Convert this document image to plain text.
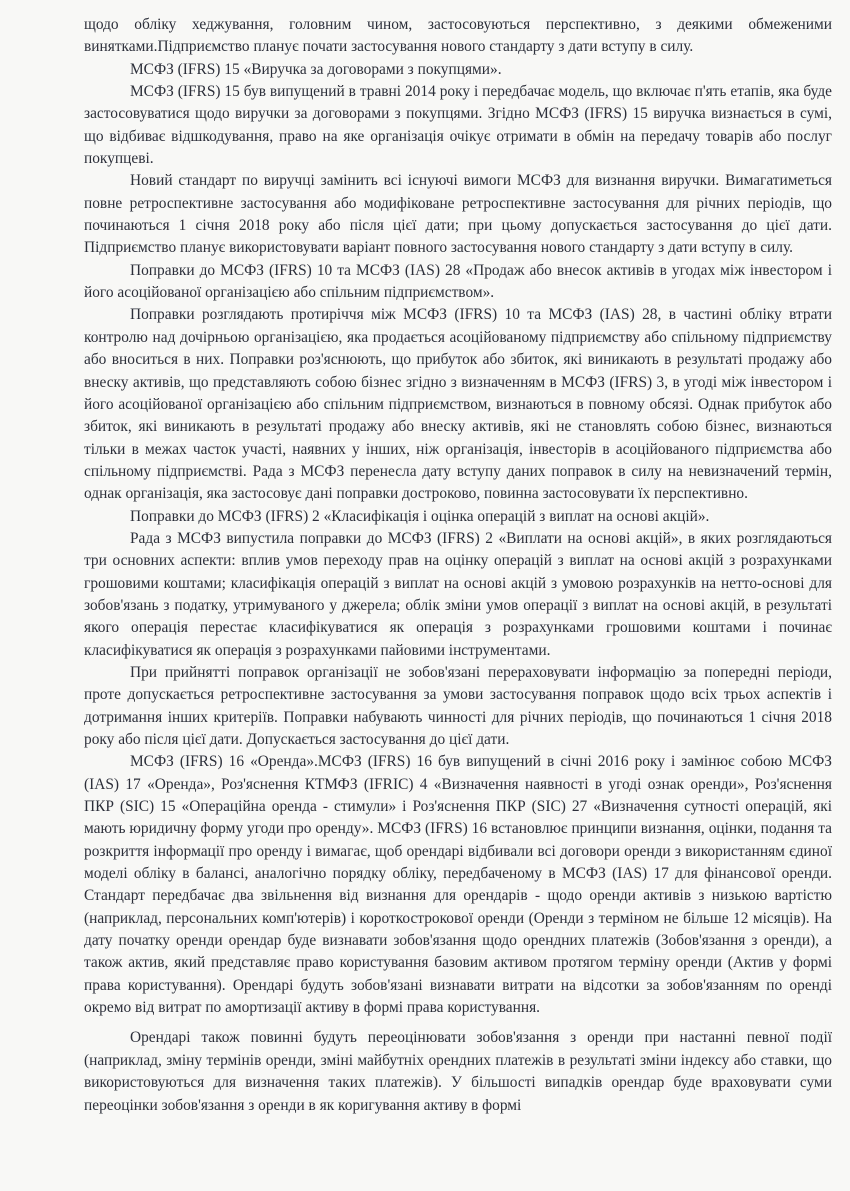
щодо обліку хеджування, головним чином, застосовуються перспективно, з деякими обмеженими винятками.Підприємство планує почати застосування нового стандарту з дати вступу в силу.

МСФЗ (IFRS) 15 «Виручка за договорами з покупцями».

МСФЗ (IFRS) 15 був випущений в травні 2014 року і передбачає модель, що включає п'ять етапів, яка буде застосовуватися щодо виручки за договорами з покупцями. Згідно МСФЗ (IFRS) 15 виручка визнається в сумі, що відбиває відшкодування, право на яке організація очікує отримати в обмін на передачу товарів або послуг покупцеві.

Новий стандарт по виручці замінить всі існуючі вимоги МСФЗ для визнання виручки. Вимагатиметься повне ретроспективне застосування або модифіковане ретроспективне застосування для річних періодів, що починаються 1 січня 2018 року або після цієї дати; при цьому допускається застосування до цієї дати. Підприємство планує використовувати варіант повного застосування нового стандарту з дати вступу в силу.

Поправки до МСФЗ (IFRS) 10 та МСФЗ (IAS) 28 «Продаж або внесок активів в угодах між інвестором і його асоційованої організацією або спільним підприємством».

Поправки розглядають протиріччя між МСФЗ (IFRS) 10 та МСФЗ (IAS) 28, в частині обліку втрати контролю над дочірньою організацією, яка продається асоційованому підприємству або спільному підприємству або вноситься в них. Поправки роз'яснюють, що прибуток або збиток, які виникають в результаті продажу або внеску активів, що представляють собою бізнес згідно з визначенням в МСФЗ (IFRS) 3, в угоді між інвестором і його асоційованої організацією або спільним підприємством, визнаються в повному обсязі. Однак прибуток або збиток, які виникають в результаті продажу або внеску активів, які не становлять собою бізнес, визнаються тільки в межах часток участі, наявних у інших, ніж організація, інвесторів в асоційованого підприємства або спільному підприємстві. Рада з МСФЗ перенесла дату вступу даних поправок в силу на невизначений термін, однак організація, яка застосовує дані поправки достроково, повинна застосовувати їх перспективно.

Поправки до МСФЗ (IFRS) 2 «Класифікація і оцінка операцій з виплат на основі акцій».

Рада з МСФЗ випустила поправки до МСФЗ (IFRS) 2 «Виплати на основі акцій», в яких розглядаються три основних аспекти: вплив умов переходу прав на оцінку операцій з виплат на основі акцій з розрахунками грошовими коштами; класифікація операцій з виплат на основі акцій з умовою розрахунків на нетто-основі для зобов'язань з податку, утримуваного у джерела; облік зміни умов операції з виплат на основі акцій, в результаті якого операція перестає класифікуватися як операція з розрахунками грошовими коштами і починає класифікуватися як операція з розрахунками пайовими інструментами.

При прийнятті поправок організації не зобов'язані перераховувати інформацію за попередні періоди, проте допускається ретроспективне застосування за умови застосування поправок щодо всіх трьох аспектів і дотримання інших критеріїв. Поправки набувають чинності для річних періодів, що починаються 1 січня 2018 року або після цієї дати. Допускається застосування до цієї дати.

МСФЗ (IFRS) 16 «Оренда».МСФЗ (IFRS) 16 був випущений в січні 2016 року і замінює собою МСФЗ (IAS) 17 «Оренда», Роз'яснення КТМФЗ (IFRIC) 4 «Визначення наявності в угоді ознак оренди», Роз'яснення ПКР (SIC) 15 «Операційна оренда - стимули» і Роз'яснення ПКР (SIC) 27 «Визначення сутності операцій, які мають юридичну форму угоди про оренду». МСФЗ (IFRS) 16 встановлює принципи визнання, оцінки, подання та розкриття інформації про оренду і вимагає, щоб орендарі відбивали всі договори оренди з використанням єдиної моделі обліку в балансі, аналогічно порядку обліку, передбаченому в МСФЗ (IAS) 17 для фінансової оренди. Стандарт передбачає два звільнення від визнання для орендарів - щодо оренди активів з низькою вартістю (наприклад, персональних комп'ютерів) і короткострокової оренди (Оренди з терміном не більше 12 місяців). На дату початку оренди орендар буде визнавати зобов'язання щодо орендних платежів (Зобов'язання з оренди), а також актив, який представляє право користування базовим активом протягом терміну оренди (Актив у формі права користування). Орендарі будуть зобов'язані визнавати витрати на відсотки за зобов'язанням по оренді окремо від витрат по амортизації активу в формі права користування.

Орендарі також повинні будуть переоцінювати зобов'язання з оренди при настанні певної події (наприклад, зміну термінів оренди, зміні майбутніх орендних платежів в результаті зміни індексу або ставки, що використовуються для визначення таких платежів). У більшості випадків орендар буде враховувати суми переоцінки зобов'язання з оренди в як коригування активу в формі
